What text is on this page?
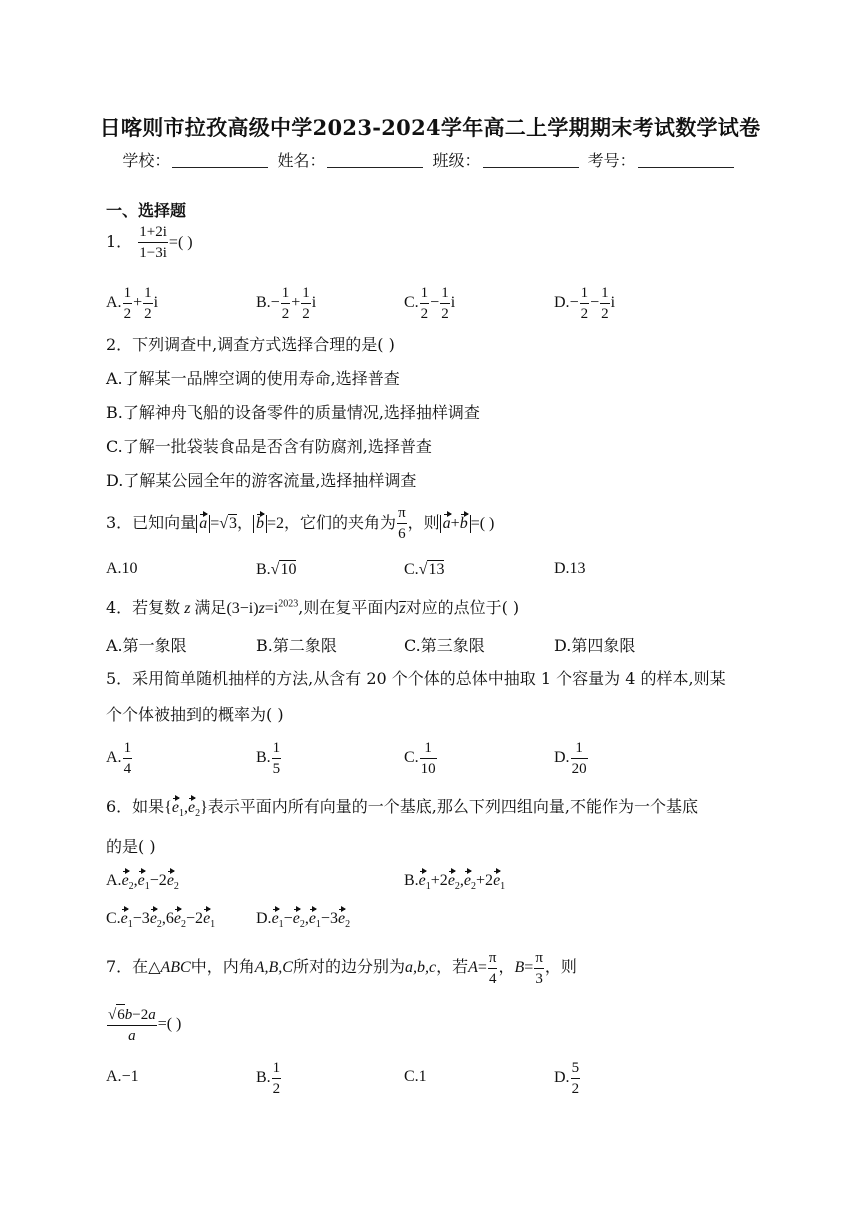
日喀则市拉孜高级中学2023-2024学年高二上学期期末考试数学试卷
学校：	姓名：	班级：	考号：
一、选择题
1． $\frac{1+2i}{1-3i}$ =( )
A. $\frac{1}{2} + \frac{1}{2}$ i	$B.- \frac{1}{2} + \frac{1}{2}$ i	C. $\frac{1}{2} - \frac{1}{2}$ i	$D.- \frac{1}{2} - \frac{1}{2}$ i
2．下列调查中,调查方式选择合理的是( )
A.了解某一品牌空调的使用寿命,选择普查
B.了解神舟飞船的设备零件的质量情况,选择抽样调查
C.了解一批袋装食品是否含有防腐剂,选择普查
D.了解某公园全年的游客流量,选择抽样调查
3．已知向量 a =√3， b =2，它们的夹角为 $\frac{\pi}{6}$ ，则 a+b =( )
A.10	B.√10	C.√13	D.13
4．若复数 z 满足$(3-i)z=i^{2023}$,则在复平面内z对应的点位于( )
A.第一象限	B.第二象限	C.第三象限	D.第四象限
5．采用简单随机抽样的方法,从含有 20 个个体的总体中抽取 1 个容量为 4 的样本,则某
个个体被抽到的概率为( )
A. $\frac{1}{4}$	B. $\frac{1}{5}$	C. $\frac{1}{10}$	D. $\frac{1}{20}$
6．如果$\{e_1,e_2\}$表示平面内所有向量的一个基底,那么下列四组向量,不能作为一个基底
的是( )
$A.e_2,e_1-2e_2$	$B.e_1+2e_2,e_2+2e_1$
$C.e_1-3e_2,6e_2-2e_1$	$D.e_1-e_2,e_1-3e_2$
7．在△ABC中，内角A,B,C所对的边分别为a,b,c，若$A= \frac{\pi}{4}$ ，$B= \frac{\pi}{3}$ ，则
$\frac{√6b-2a}{a}$ =( )
A.−1	B. $\frac{1}{2}$	C.1	D. $\frac{5}{2}$
